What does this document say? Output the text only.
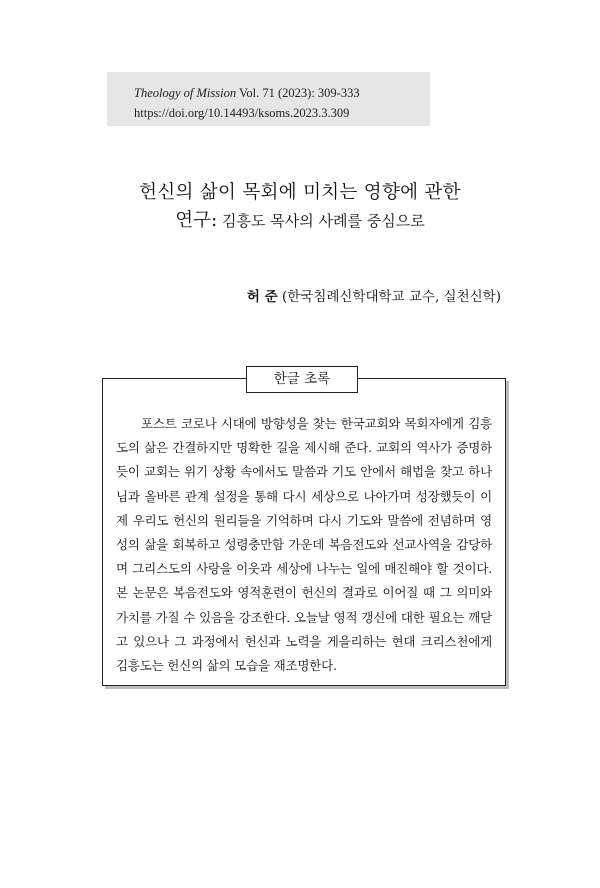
Theology of Mission Vol. 71 (2023): 309-333
https://doi.org/10.14493/ksoms.2023.3.309
헌신의 삶이 목회에 미치는 영향에 관한
연구: 김흥도 목사의 사례를 중심으로
허 준 (한국침례신학대학교 교수, 실천신학)
한글 초록
포스트 코로나 시대에 방향성을 찾는 한국교회와 목회자에게 김흥도의 삶은 간결하지만 명확한 길을 제시해 준다. 교회의 역사가 증명하듯이 교회는 위기 상황 속에서도 말씀과 기도 안에서 해법을 찾고 하나님과 올바른 관계 설정을 통해 다시 세상으로 나아가며 성장했듯이 이제 우리도 헌신의 원리들을 기억하며 다시 기도와 말씀에 전념하며 영성의 삶을 회복하고 성령충만함 가운데 복음전도와 선교사역을 감당하며 그리스도의 사랑을 이웃과 세상에 나누는 일에 매진해야 할 것이다. 본 논문은 복음전도와 영적훈련이 헌신의 결과로 이어질 때 그 의미와 가치를 가질 수 있음을 강조한다. 오늘날 영적 갱신에 대한 필요는 깨닫고 있으나 그 과정에서 헌신과 노력을 게을리하는 현대 크리스천에게 김흥도는 헌신의 삶의 모습을 재조명한다.
